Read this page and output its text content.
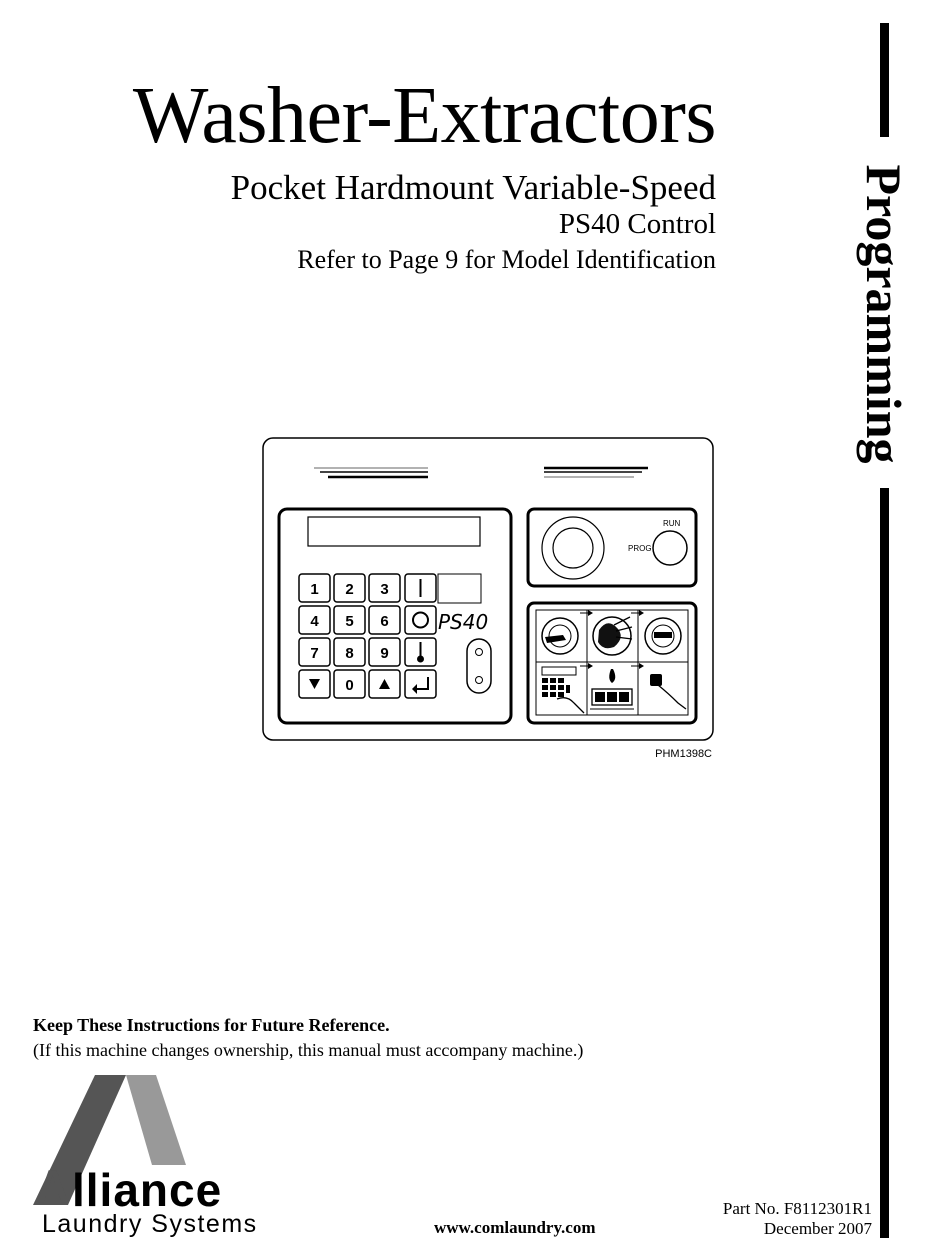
Washer-Extractors
Pocket Hardmount Variable-Speed
PS40 Control
Refer to Page 9 for Model Identification	Programming
1 2 3
4 5 6
7 8 9
0
PS40
PROG
RUN
PHM1398C
Keep These Instructions for Future Reference.
(If this machine changes ownership, this manual must accompany machine.)
A lliance
Laundry Systems	www.comlaundry.com
Part No. F8112301R1
December 2007
